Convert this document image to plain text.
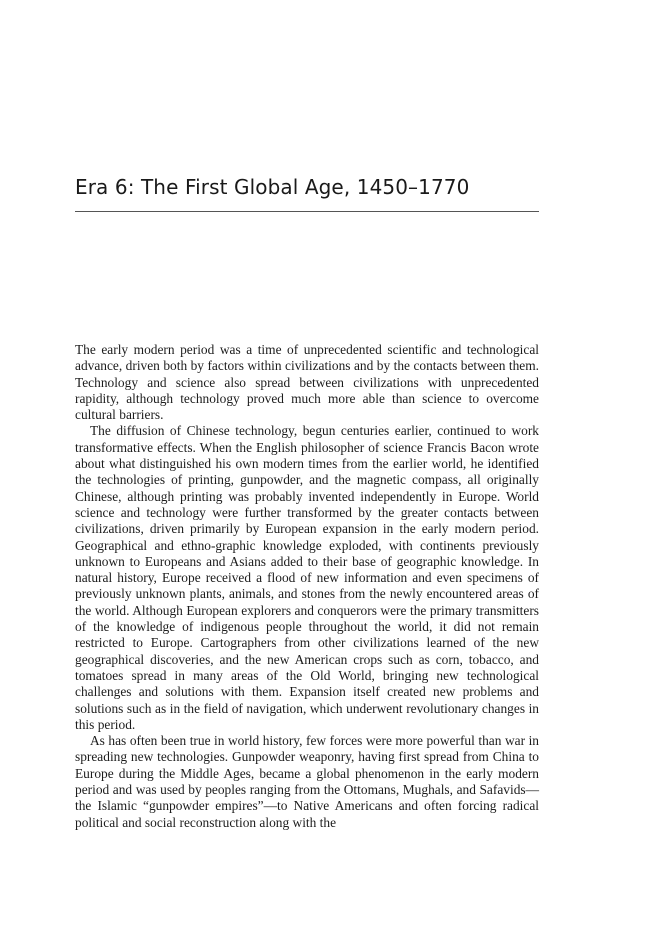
Era 6: The First Global Age, 1450–1770

The early modern period was a time of unprecedented scientific and technological advance, driven both by factors within civilizations and by the contacts between them. Technology and science also spread between civilizations with unprecedented rapidity, although technology proved much more able than science to overcome cultural barriers.

The diffusion of Chinese technology, begun centuries earlier, continued to work transformative effects. When the English philosopher of science Francis Bacon wrote about what distinguished his own modern times from the earlier world, he identified the technologies of printing, gunpowder, and the magnetic compass, all originally Chinese, although printing was probably invented independently in Europe. World science and technology were further transformed by the greater contacts between civilizations, driven primarily by European expansion in the early modern period. Geographical and ethno-graphic knowledge exploded, with continents previously unknown to Europeans and Asians added to their base of geographic knowledge. In natural history, Europe received a flood of new information and even specimens of previously unknown plants, animals, and stones from the newly encountered areas of the world. Although European explorers and conquerors were the primary transmitters of the knowledge of indigenous people throughout the world, it did not remain restricted to Europe. Cartographers from other civilizations learned of the new geographical discoveries, and the new American crops such as corn, tobacco, and tomatoes spread in many areas of the Old World, bringing new technological challenges and solutions with them. Expansion itself created new problems and solutions such as in the field of navigation, which underwent revolutionary changes in this period.

As has often been true in world history, few forces were more powerful than war in spreading new technologies. Gunpowder weaponry, having first spread from China to Europe during the Middle Ages, became a global phenomenon in the early modern period and was used by peoples ranging from the Ottomans, Mughals, and Safavids—the Islamic “gunpowder empires”—to Native Americans and often forcing radical political and social reconstruction along with the
